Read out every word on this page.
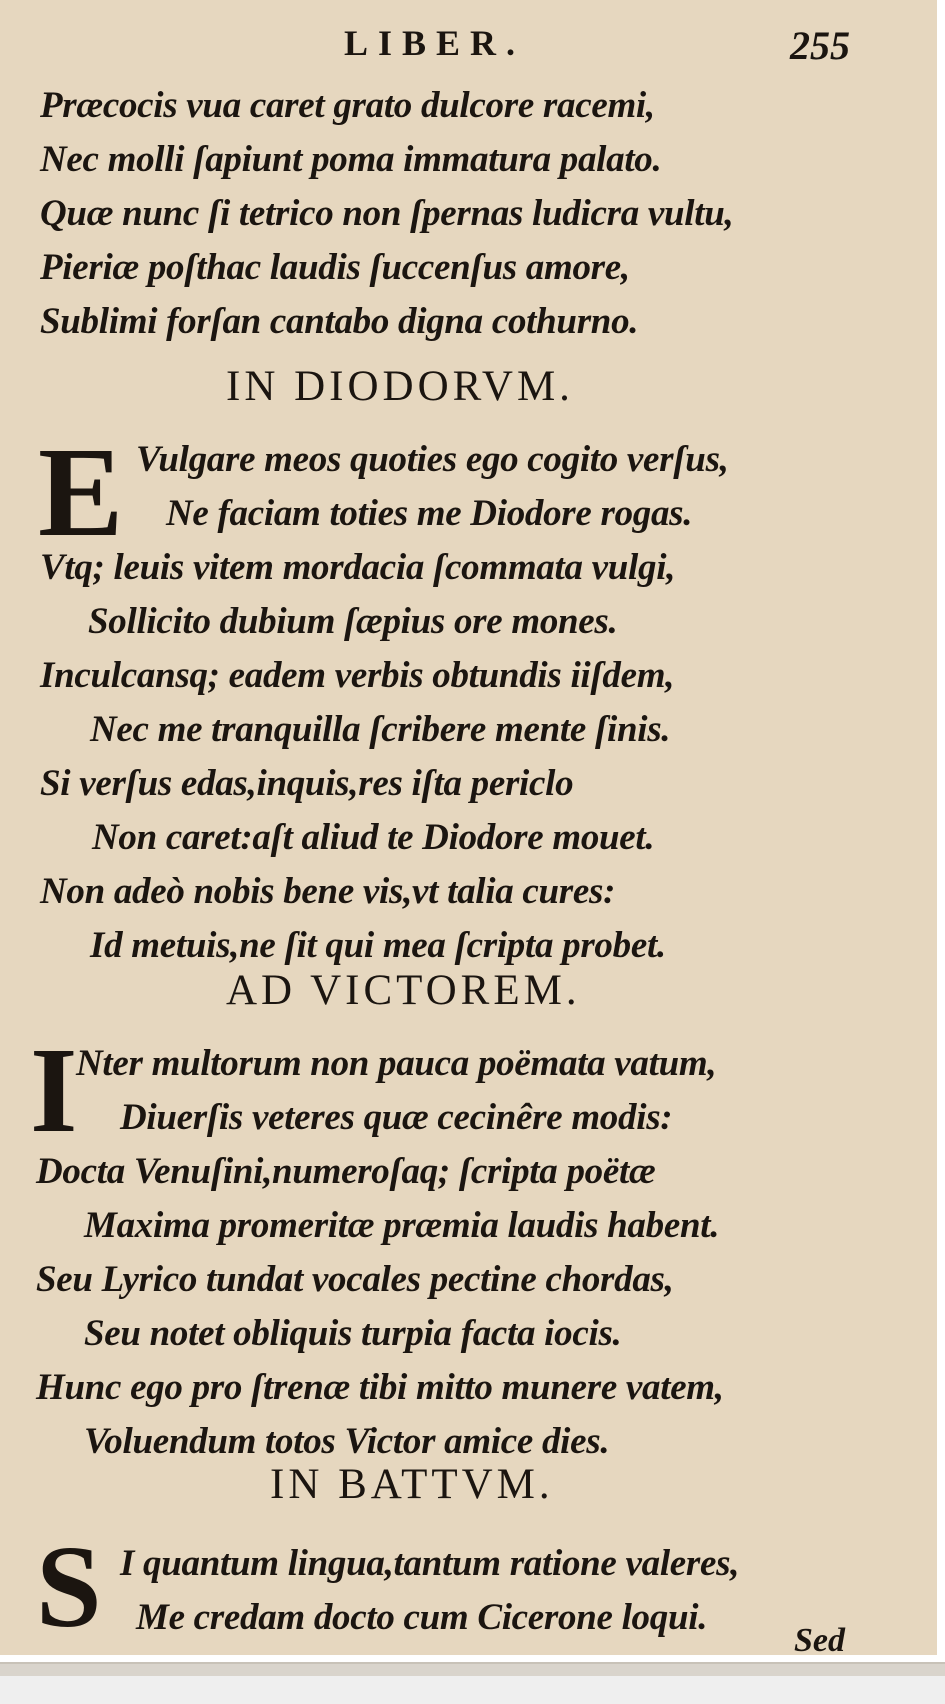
LIBER.	255
Præcocis vua caret grato dulcore racemi,
Nec molli ſapiunt poma immatura palato.
Quæ nunc ſi tetrico non ſpernas ludicra vultu,
Pieriæ poſthac laudis ſuccenſus amore,
Sublimi forſan cantabo digna cothurno.
IN DIODORVM.
E Vulgare meos quoties ego cogito verſus,
Ne faciam toties me Diodore rogas.
Vtq; leuis vitem mordacia ſcommata vulgi,
Sollicito dubium ſæpius ore mones.
Inculcansq; eadem verbis obtundis iiſdem,
Nec me tranquilla ſcribere mente ſinis.
Si verſus edas,inquis,res iſta periclo
Non caret:aſt aliud te Diodore mouet.
Non adeò nobis bene vis,vt talia cures:
Id metuis,ne ſit qui mea ſcripta probet.
AD VICTOREM.
I
Nter multorum non pauca poëmata vatum,
Diuerſis veteres quæ cecinêre modis:
Docta Venuſini,numeroſaq; ſcripta poëtæ
Maxima promeritæ præmia laudis habent.
Seu Lyrico tundat vocales pectine chordas,
Seu notet obliquis turpia facta iocis.
Hunc ego pro ſtrenæ tibi mitto munere vatem,
Voluendum totos Victor amice dies.
IN BATTVM.
S I quantum lingua,tantum ratione valeres,
Me credam docto cum Cicerone loqui.
Sed
